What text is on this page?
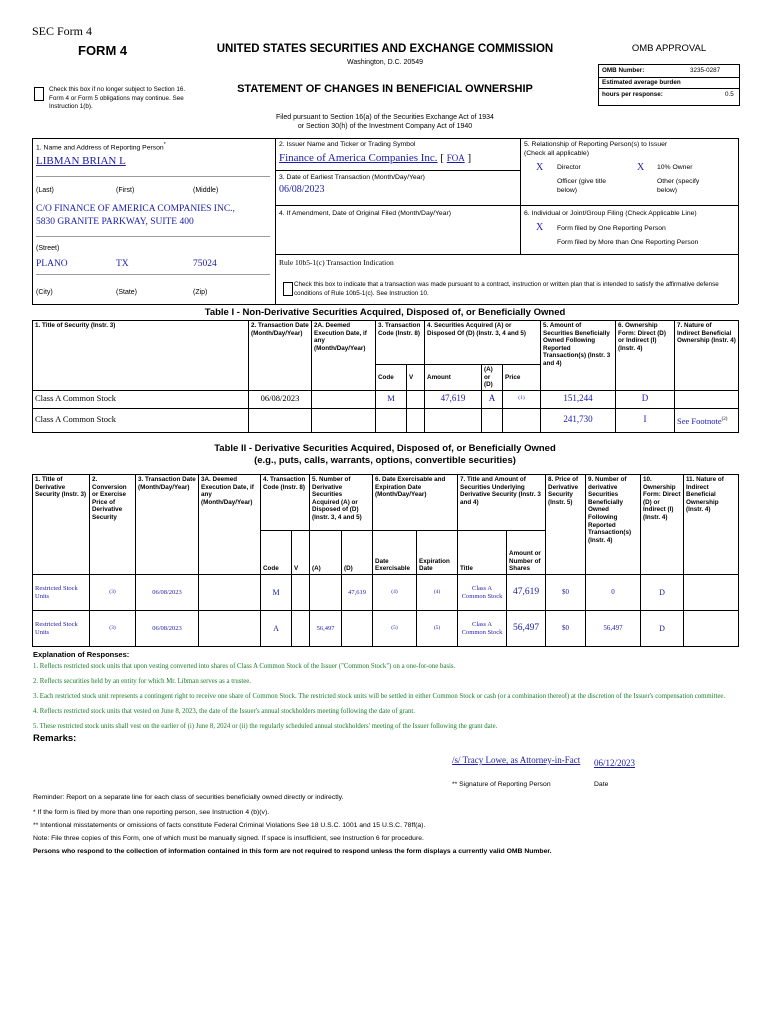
SEC Form 4
FORM 4	UNITED STATES SECURITIES AND EXCHANGE COMMISSION
Washington, D.C. 20549
Check this box if no longer subject to Section 16. Form 4 or Form 5 obligations may continue. See Instruction 1(b).
STATEMENT OF CHANGES IN BENEFICIAL OWNERSHIP
OMB APPROVAL
OMB Number:	3235-0287
Estimated average burden
hours per response:	0.5
Filed pursuant to Section 16(a) of the Securities Exchange Act of 1934
or Section 30(h) of the Investment Company Act of 1940
1. Name and Address of Reporting Person*
LIBMAN BRIAN L
(Last)	(First)	(Middle)
C/O FINANCE OF AMERICA COMPANIES INC.,
5830 GRANITE PARKWAY, SUITE 400
(Street)
PLANO	TX	75024
(City)	(State)	(Zip)
2. Issuer Name and Ticker or Trading Symbol
Finance of America Companies Inc. [ FOA ]
3. Date of Earliest Transaction (Month/Day/Year)
06/08/2023
4. If Amendment, Date of Original Filed (Month/Day/Year)
5. Relationship of Reporting Person(s) to Issuer
(Check all applicable)
X Director	X 10% Owner
Officer (give title
below)
Other (specify
below)
6. Individual or Joint/Group Filing (Check Applicable Line)
X Form filed by One Reporting Person
Form filed by More than One Reporting Person
Rule 10b5-1(c) Transaction Indication
Check this box to indicate that a transaction was made pursuant to a contract, instruction or written plan that is intended to satisfy the affirmative defense conditions of Rule 10b5-1(c). See Instruction 10.
Table I - Non-Derivative Securities Acquired, Disposed of, or Beneficially Owned
1. Title of Security (Instr. 3)	2. Transaction Date (Month/Day/Year)	2A. Deemed Execution Date, if any (Month/Day/Year)	3. Transaction Code (Instr. 8)		4. Securities Acquired (A) or Disposed Of (D) (Instr. 3, 4 and 5)			5. Amount of Securities Beneficially Owned Following Reported Transaction(s) (Instr. 3 and 4)	6. Ownership Form: Direct (D) or Indirect (I) (Instr. 4)	7. Nature of Indirect Beneficial Ownership (Instr. 4)
			Code	V	Amount	(A) or (D)	Price			
Class A Common Stock	06/08/2023		M		47,619	A	(1)	151,244	D	
Class A Common Stock								241,730	I	See Footnote$^{(2)}$
Table II - Derivative Securities Acquired, Disposed of, or Beneficially Owned
(e.g., puts, calls, warrants, options, convertible securities)
1. Title of Derivative Security (Instr. 3)	2. Conversion or Exercise Price of Derivative Security	3. Transaction Date (Month/Day/Year)	3A. Deemed Execution Date, if any (Month/Day/Year)	4. Transaction Code (Instr. 8)		5. Number of Derivative Securities Acquired (A) or Disposed of (D) (Instr. 3, 4 and 5)		6. Date Exercisable and Expiration Date (Month/Day/Year)		7. Title and Amount of Securities Underlying Derivative Security (Instr. 3 and 4)		8. Price of Derivative Security (Instr. 5)	9. Number of derivative Securities Beneficially Owned Following Reported Transaction(s) (Instr. 4)	10. Ownership Form: Direct (D) or Indirect (I) (Instr. 4)	11. Nature of Indirect Beneficial Ownership (Instr. 4)
				Code	V	(A)	(D)	Date Exercisable	Expiration Date	Title	Amount or Number of Shares				
Restricted Stock Units	(3)	06/08/2023		M			47,619	(4)	(4)	Class A Common Stock	47,619	$0	0	D	
Restricted Stock Units	(3)	06/08/2023		A		56,497		(5)	(5)	Class A Common Stock	56,497	$0	56,497	D	
Explanation of Responses:
1. Reflects restricted stock units that upon vesting converted into shares of Class A Common Stock of the Issuer ("Common Stock") on a one-for-one basis.
2. Reflects securities held by an entity for which Mr. Libman serves as a trustee.
3. Each restricted stock unit represents a contingent right to receive one share of Common Stock. The restricted stock units will be settled in either Common Stock or cash (or a combination thereof) at the discretion of the Issuer's compensation committee.
4. Reflects restricted stock units that vested on June 8, 2023, the date of the Issuer's annual stockholders meeting following the date of grant.
5. These restricted stock units shall vest on the earlier of (i) June 8, 2024 or (ii) the regularly scheduled annual stockholders' meeting of the Issuer following the grant date.
Remarks:
/s/ Tracy Lowe, as Attorney-in-Fact 06/12/2023
** Signature of Reporting Person	Date
Reminder: Report on a separate line for each class of securities beneficially owned directly or indirectly.
* If the form is filed by more than one reporting person, see Instruction 4 (b)(v).
** Intentional misstatements or omissions of facts constitute Federal Criminal Violations See 18 U.S.C. 1001 and 15 U.S.C. 78ff(a).
Note: File three copies of this Form, one of which must be manually signed. If space is insufficient, see Instruction 6 for procedure.
Persons who respond to the collection of information contained in this form are not required to respond unless the form displays a currently valid OMB Number.
